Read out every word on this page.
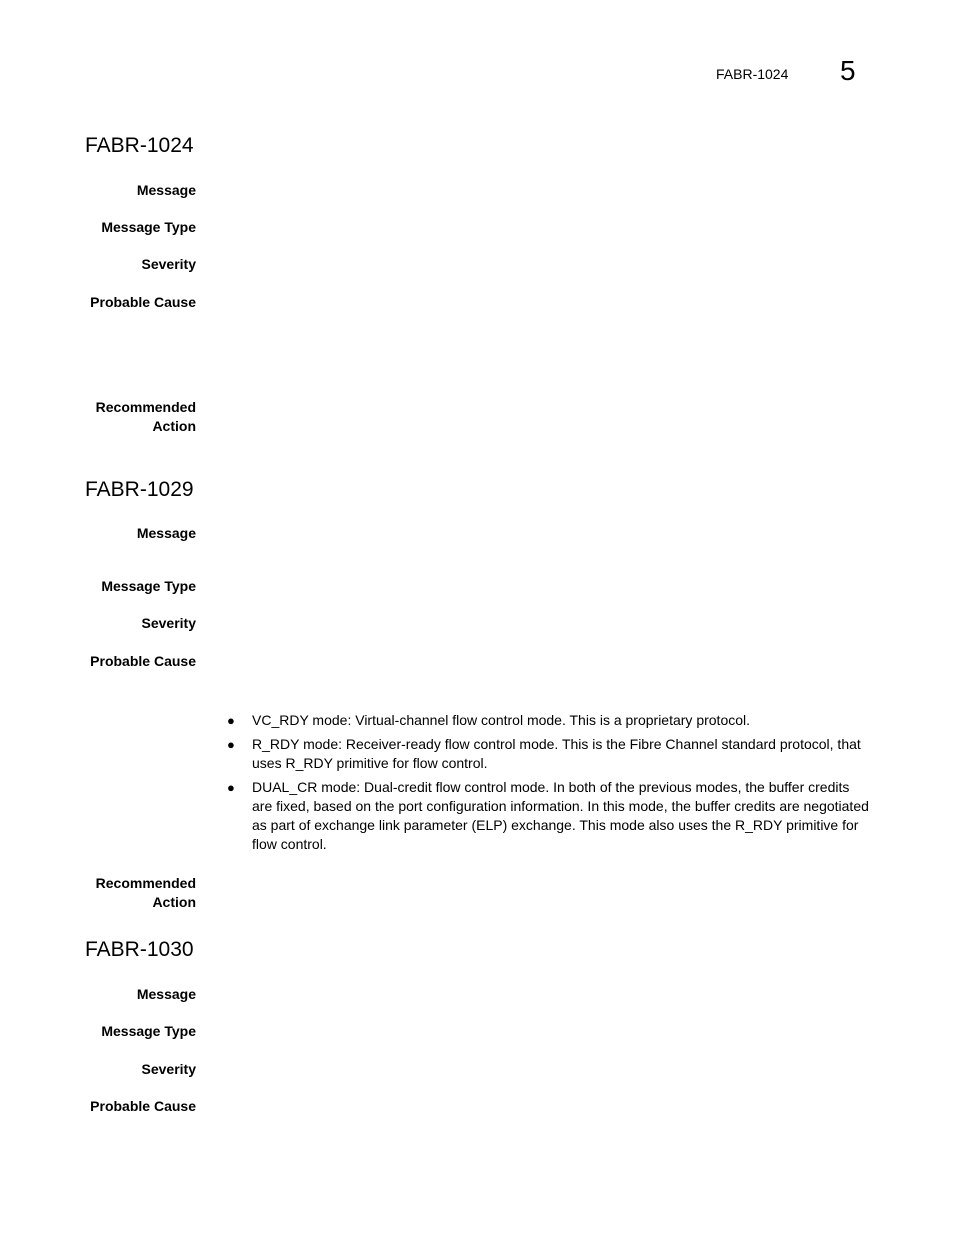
FABR-1024 5
FABR-1024
Message
Message Type
Severity
Probable Cause
Recommended
Action
FABR-1029
Message
Message Type
Severity
Probable Cause
● VC_RDY mode: Virtual-channel flow control mode. This is a proprietary protocol.
● R_RDY mode: Receiver-ready flow control mode. This is the Fibre Channel standard protocol, that uses R_RDY primitive for flow control.
● DUAL_CR mode: Dual-credit flow control mode. In both of the previous modes, the buffer credits are fixed, based on the port configuration information. In this mode, the buffer credits are negotiated as part of exchange link parameter (ELP) exchange. This mode also uses the R_RDY primitive for flow control.
Recommended
Action
FABR-1030
Message
Message Type
Severity
Probable Cause
